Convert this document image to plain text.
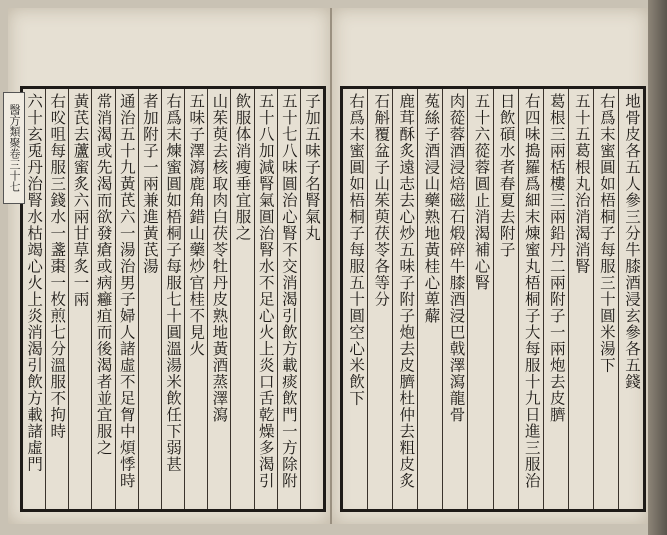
子加五味子名腎氣丸
五十七八味圓治心腎不交消渴引飲方載痰飲門一方除附
五十八加減腎氣圓治腎水不足心火上炎口舌乾燥多渴引
飲服体消瘦垂宜服之
山茱萸去核取肉白茯苓牡丹皮熟地黃酒蒸澤瀉
五味子澤瀉鹿角錯山藥炒官桂不見火
右爲末煉蜜圓如梧桐子每服七十圓溫湯米飲任下弱甚
者加附子一兩兼進黃芪湯
通治五十九黃芪六一湯治男子婦人諸虛不足胷中煩悸時
常消渴或先渴而欲發瘡或病癰疽而後渴者並宜服之
黃芪去蘆蜜炙六兩甘草炙一兩
右㕮咀每服三錢水一盞棗一枚煎七分溫服不拘時
六十玄兎丹治腎水枯竭心火上炎消渴引飲方載諸虛門	地骨皮各五人參三分牛膝酒浸玄參各五錢
右爲末蜜圓如梧桐子每服三十圓米湯下
五十五葛根丸治消渴消腎
葛根三兩栝樓三兩鉛丹二兩附子一兩炮去皮臍
右四味搗羅爲細末煉蜜丸梧桐子大每服十九日進三服治
日飲碩水者春夏去附子
五十六蓯蓉圓止消渴補心腎
肉蓯蓉酒浸焙磁石煅碎牛膝酒浸巴戟澤瀉龍骨
菟絲子酒浸山藥熟地黃桂心萆薢
鹿茸酥炙遠志去心炒五味子附子炮去皮臍杜仲去粗皮炙
石斛覆盆子山茱萸茯苓各等分
右爲末蜜圓如梧桐子每服五十圓空心米飲下
醫方類聚卷三十七
